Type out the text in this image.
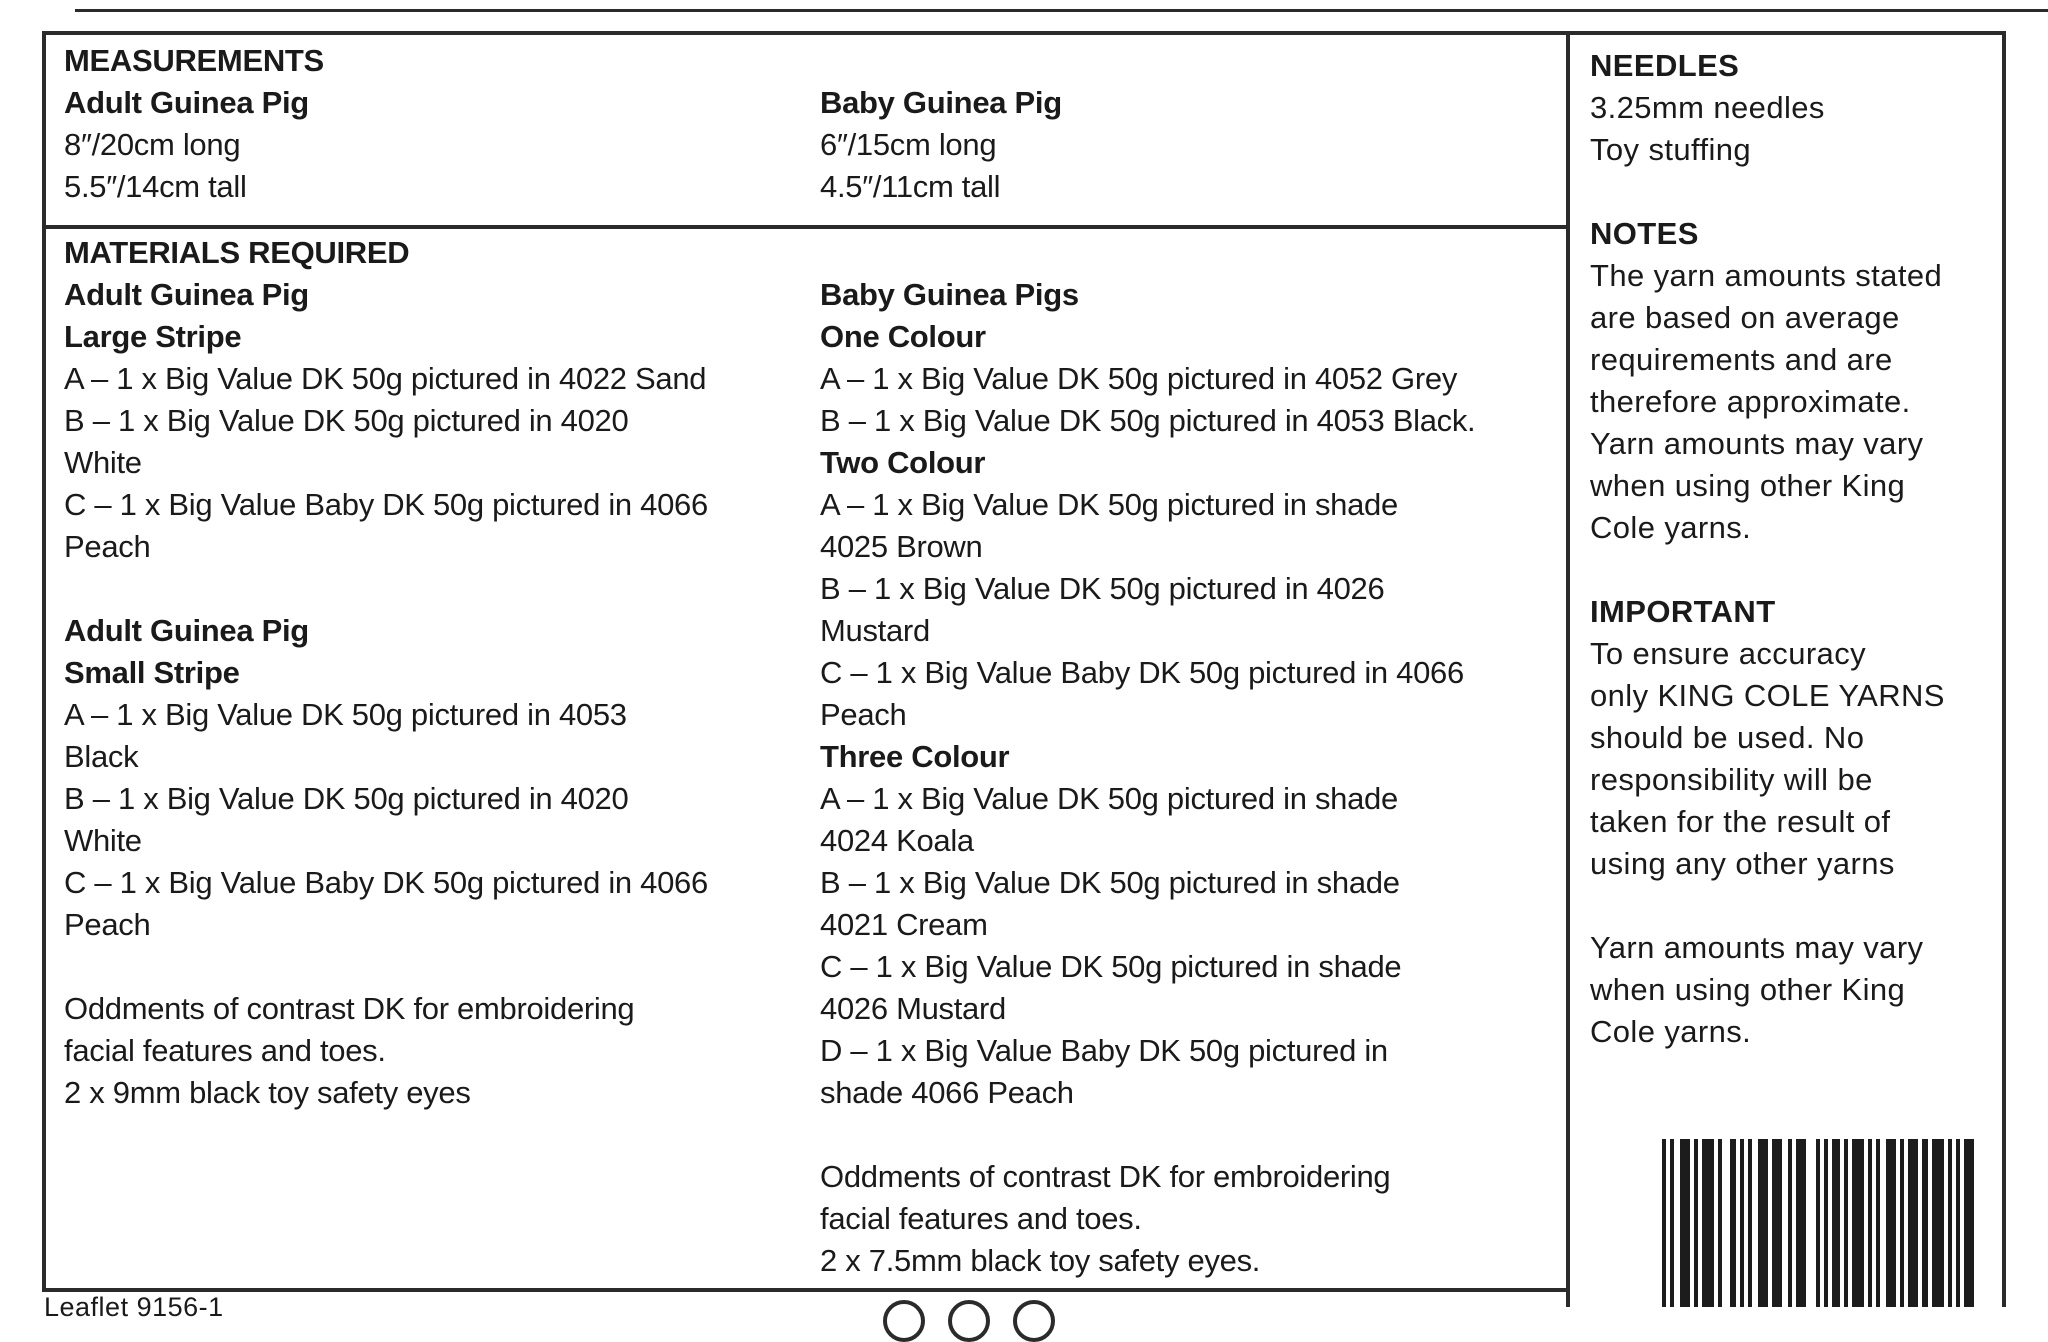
MEASUREMENTS
Adult Guinea Pig
8″/20cm long
5.5″/14cm tall

Baby Guinea Pig
6″/15cm long
4.5″/11cm tall
MATERIALS REQUIRED
Adult Guinea Pig
Large Stripe
A – 1 x Big Value DK 50g pictured in 4022 Sand
B – 1 x Big Value DK 50g pictured in 4020
White
C – 1 x Big Value Baby DK 50g pictured in 4066
Peach

Adult Guinea Pig
Small Stripe
A – 1 x Big Value DK 50g pictured in 4053
Black
B – 1 x Big Value DK 50g pictured in 4020
White
C – 1 x Big Value Baby DK 50g pictured in 4066
Peach

Oddments of contrast DK for embroidering
facial features and toes.
2 x 9mm black toy safety eyes

Baby Guinea Pigs
One Colour
A – 1 x Big Value DK 50g pictured in 4052 Grey
B – 1 x Big Value DK 50g pictured in 4053 Black.
Two Colour
A – 1 x Big Value DK 50g pictured in shade
4025 Brown
B – 1 x Big Value DK 50g pictured in 4026
Mustard
C – 1 x Big Value Baby DK 50g pictured in 4066
Peach
Three Colour
A – 1 x Big Value DK 50g pictured in shade
4024 Koala
B – 1 x Big Value DK 50g pictured in shade
4021 Cream
C – 1 x Big Value DK 50g pictured in shade
4026 Mustard
D – 1 x Big Value Baby DK 50g pictured in
shade 4066 Peach

Oddments of contrast DK for embroidering
facial features and toes.
2 x 7.5mm black toy safety eyes.
NEEDLES
3.25mm needles
Toy stuffing

NOTES
The yarn amounts stated
are based on average
requirements and are
therefore approximate.
Yarn amounts may vary
when using other King
Cole yarns.

IMPORTANT
To ensure accuracy
only KING COLE YARNS
should be used. No
responsibility will be
taken for the result of
using any other yarns

Yarn amounts may vary
when using other King
Cole yarns.
Leaflet 9156-1
